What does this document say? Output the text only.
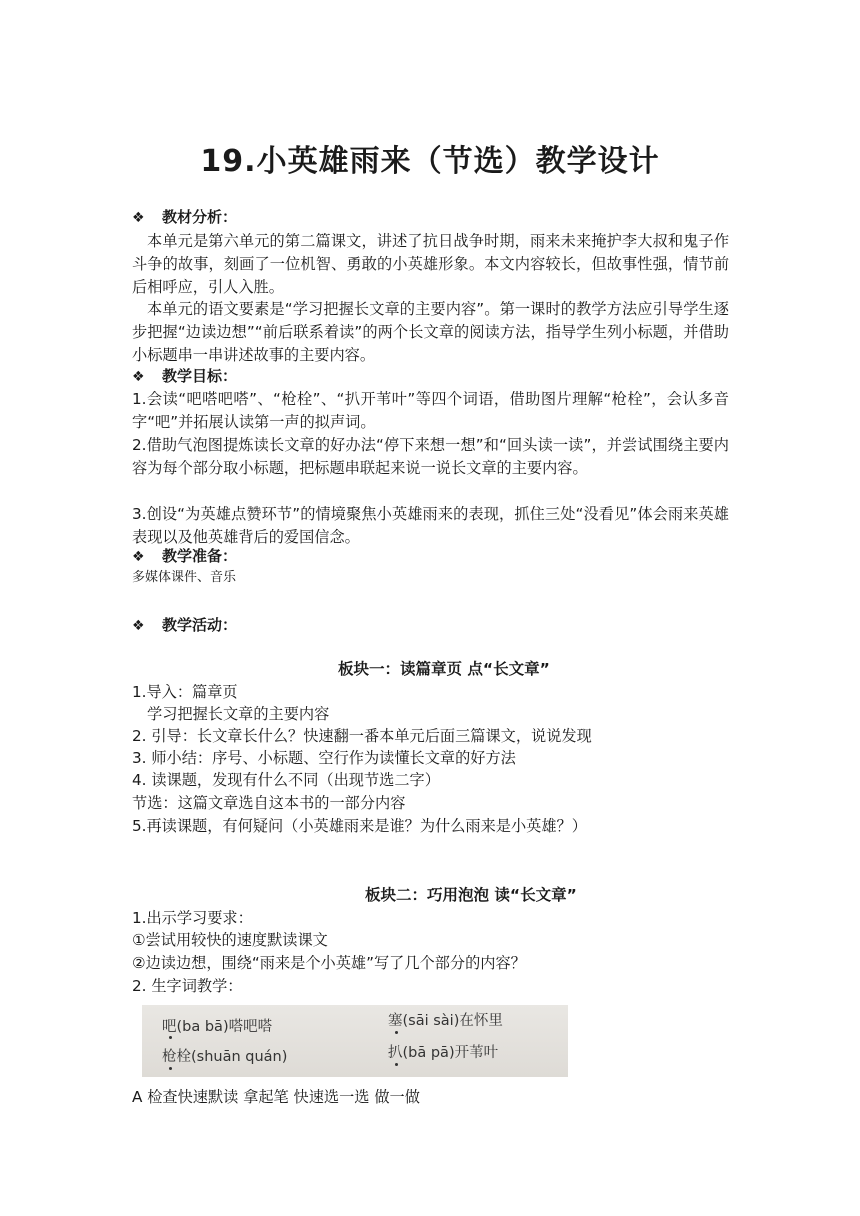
19.小英雄雨来（节选）教学设计
❖ 教材分析：
本单元是第六单元的第二篇课文，讲述了抗日战争时期，雨来未来掩护李大叔和鬼子作斗争的故事，刻画了一位机智、勇敢的小英雄形象。本文内容较长，但故事性强，情节前后相呼应，引人入胜。
本单元的语文要素是“学习把握长文章的主要内容”。第一课时的教学方法应引导学生逐步把握“边读边想”“前后联系着读”的两个长文章的阅读方法，指导学生列小标题，并借助小标题串一串讲述故事的主要内容。
❖ 教学目标：
1.会读“吧嗒吧嗒”、“枪栓”、“扒开苇叶”等四个词语，借助图片理解“枪栓”，会认多音字“吧”并拓展认读第一声的拟声词。
2.借助气泡图提炼读长文章的好办法“停下来想一想”和“回头读一读”，并尝试围绕主要内容为每个部分取小标题，把标题串联起来说一说长文章的主要内容。
3.创设“为英雄点赞环节”的情境聚焦小英雄雨来的表现，抓住三处“没看见”体会雨来英雄表现以及他英雄背后的爱国信念。
❖ 教学准备：
多媒体课件、音乐
❖ 教学活动：
板块一：读篇章页 点“长文章”
1.导入：篇章页
学习把握长文章的主要内容
2. 引导：长文章长什么？快速翻一番本单元后面三篇课文，说说发现
3. 师小结：序号、小标题、空行作为读懂长文章的好方法
4. 读课题，发现有什么不同（出现节选二字）
节选：这篇文章选自这本书的一部分内容
5.再读课题，有何疑问（小英雄雨来是谁？为什么雨来是小英雄？）
板块二：巧用泡泡 读“长文章”
1.出示学习要求：
①尝试用较快的速度默读课文
②边读边想，围绕“雨来是个小英雄”写了几个部分的内容？
2. 生字词教学：
吧(ba bā)嗒吧嗒	塞(sāi sài)在怀里
枪栓(shuān quán)	扒(bā pā)开苇叶
A 检查快速默读 拿起笔 快速选一选 做一做
